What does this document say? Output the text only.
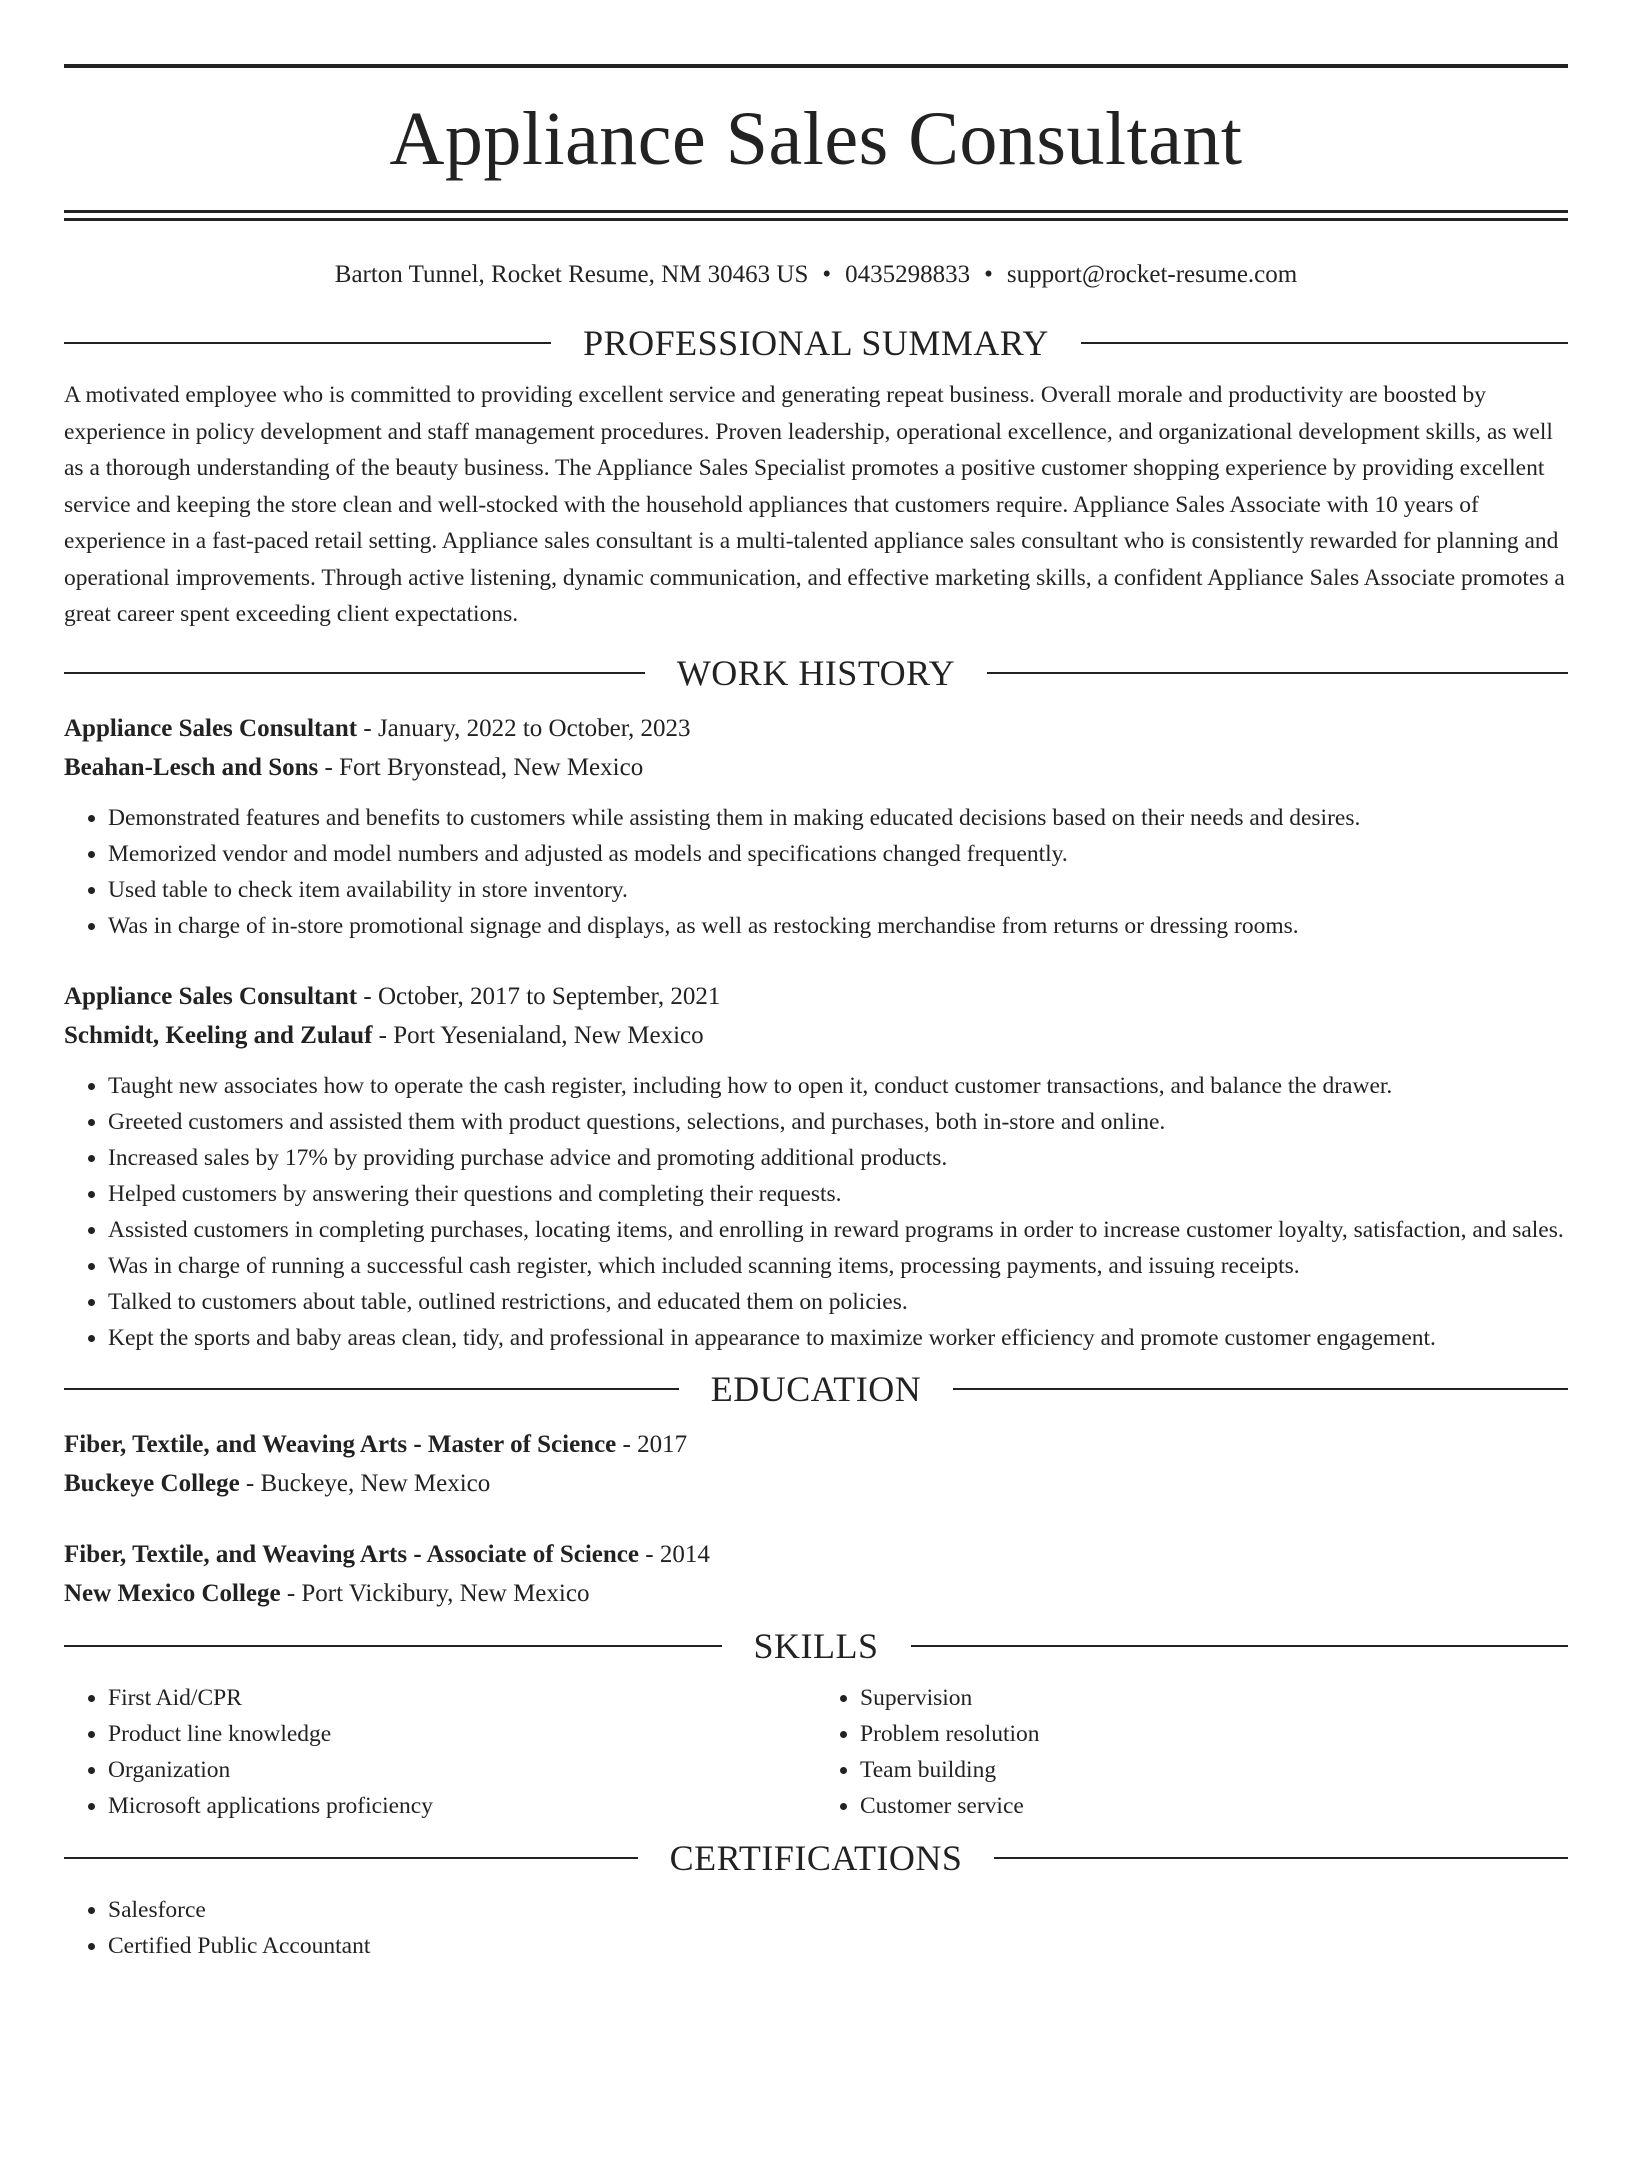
Appliance Sales Consultant
Barton Tunnel, Rocket Resume, NM 30463 US • 0435298833 • support@rocket-resume.com
PROFESSIONAL SUMMARY

A motivated employee who is committed to providing excellent service and generating repeat business. Overall morale and productivity are boosted by experience in policy development and staff management procedures. Proven leadership, operational excellence, and organizational development skills, as well as a thorough understanding of the beauty business. The Appliance Sales Specialist promotes a positive customer shopping experience by providing excellent service and keeping the store clean and well-stocked with the household appliances that customers require. Appliance Sales Associate with 10 years of experience in a fast-paced retail setting. Appliance sales consultant is a multi-talented appliance sales consultant who is consistently rewarded for planning and operational improvements. Through active listening, dynamic communication, and effective marketing skills, a confident Appliance Sales Associate promotes a great career spent exceeding client expectations.

WORK HISTORY
Appliance Sales Consultant - January, 2022 to October, 2023
Beahan-Lesch and Sons - Fort Bryonstead, New Mexico
• Demonstrated features and benefits to customers while assisting them in making educated decisions based on their needs and desires.
• Memorized vendor and model numbers and adjusted as models and specifications changed frequently.
• Used table to check item availability in store inventory.
• Was in charge of in-store promotional signage and displays, as well as restocking merchandise from returns or dressing rooms.
Appliance Sales Consultant - October, 2017 to September, 2021
Schmidt, Keeling and Zulauf - Port Yesenialand, New Mexico
• Taught new associates how to operate the cash register, including how to open it, conduct customer transactions, and balance the drawer.
• Greeted customers and assisted them with product questions, selections, and purchases, both in-store and online.
• Increased sales by 17% by providing purchase advice and promoting additional products.
• Helped customers by answering their questions and completing their requests.
• Assisted customers in completing purchases, locating items, and enrolling in reward programs in order to increase customer loyalty, satisfaction, and sales.
• Was in charge of running a successful cash register, which included scanning items, processing payments, and issuing receipts.
• Talked to customers about table, outlined restrictions, and educated them on policies.
• Kept the sports and baby areas clean, tidy, and professional in appearance to maximize worker efficiency and promote customer engagement.
EDUCATION
Fiber, Textile, and Weaving Arts - Master of Science - 2017
Buckeye College - Buckeye, New Mexico
Fiber, Textile, and Weaving Arts - Associate of Science - 2014
New Mexico College - Port Vickibury, New Mexico
SKILLS
• First Aid/CPR
• Product line knowledge
• Organization
• Microsoft applications proficiency
• Supervision
• Problem resolution
• Team building
• Customer service
CERTIFICATIONS
• Salesforce
• Certified Public Accountant
